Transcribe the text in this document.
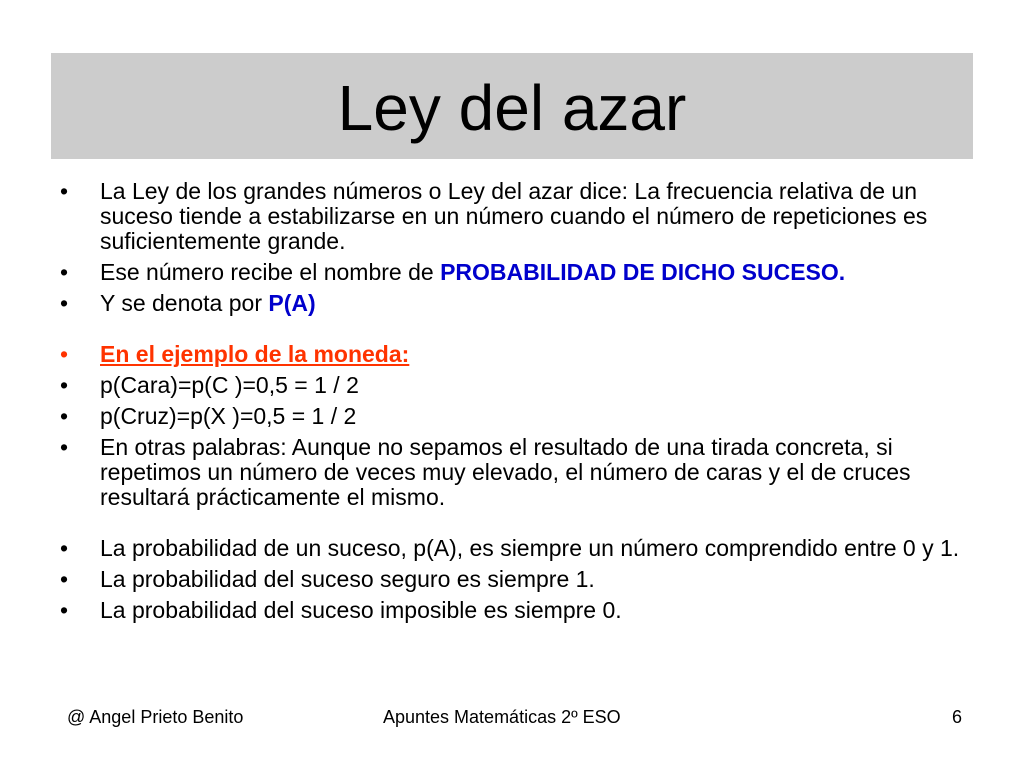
Ley del azar
• La Ley de los grandes números o Ley del azar dice: La frecuencia relativa de un suceso tiende a estabilizarse en un número cuando el número de repeticiones es suficientemente grande.
• Ese número recibe el nombre de PROBABILIDAD DE DICHO SUCESO.
• Y se denota por P(A)
• En el ejemplo de la moneda:
• p(Cara)=p(C )=0,5 = 1 / 2
• p(Cruz)=p(X )=0,5 = 1 / 2
• En otras palabras: Aunque no sepamos el resultado de una tirada concreta, si repetimos un número de veces muy elevado, el número de caras y el de cruces resultará prácticamente el mismo.
• La probabilidad de un suceso, p(A), es siempre un número comprendido entre 0 y 1.
• La probabilidad del suceso seguro es siempre 1.
• La probabilidad del suceso imposible es siempre 0.
@ Angel Prieto Benito	Apuntes Matemáticas 2º ESO	6
